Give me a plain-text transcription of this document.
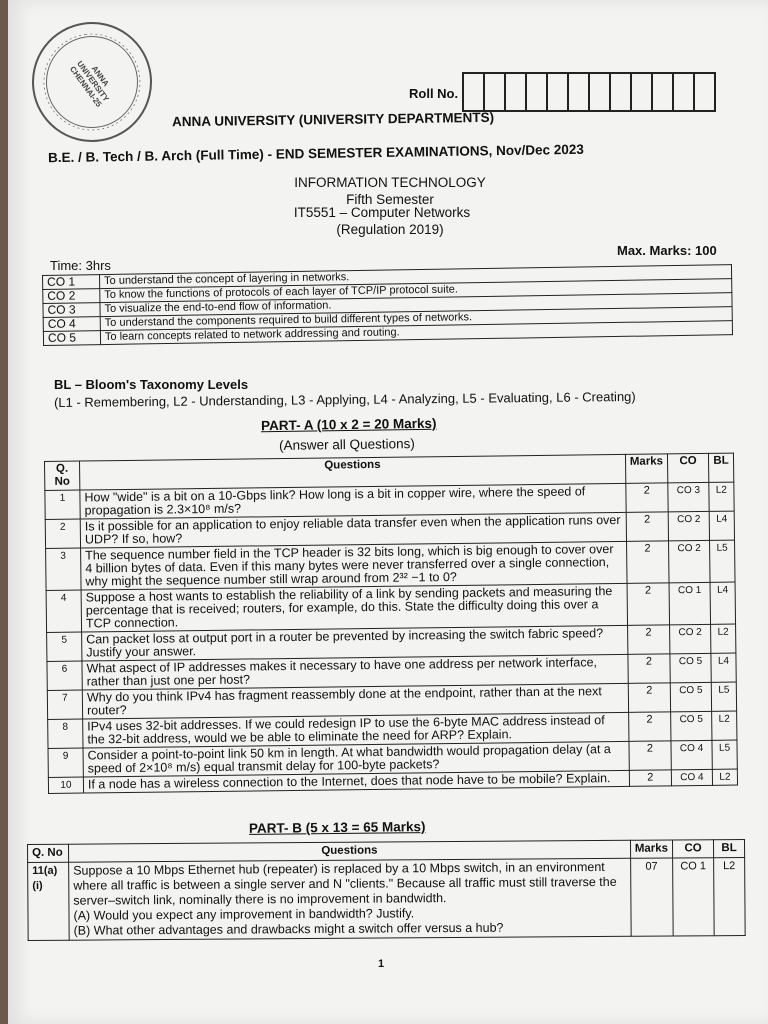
ANNA UNIVERSITY CHENNAI-25	Roll No.
ANNA UNIVERSITY (UNIVERSITY DEPARTMENTS)
B.E. / B. Tech / B. Arch (Full Time) - END SEMESTER EXAMINATIONS, Nov/Dec 2023
INFORMATION TECHNOLOGY
Fifth Semester
IT5551 – Computer Networks
(Regulation 2019)
Time: 3hrs
Max. Marks: 100
CO 1	To understand the concept of layering in networks.
CO 2	To know the functions of protocols of each layer of TCP/IP protocol suite.
CO 3	To visualize the end-to-end flow of information.
CO 4	To understand the components required to build different types of networks.
CO 5	To learn concepts related to network addressing and routing.
BL – Bloom's Taxonomy Levels
(L1 - Remembering, L2 - Understanding, L3 - Applying, L4 - Analyzing, L5 - Evaluating, L6 - Creating)
PART- A (10 x 2 = 20 Marks)
(Answer all Questions)
Q. No	Questions	Marks	CO	BL
1	How "wide" is a bit on a 10-Gbps link? How long is a bit in copper wire, where the speed of propagation is 2.3×10⁸ m/s?	2	CO 3	L2
2	Is it possible for an application to enjoy reliable data transfer even when the application runs over UDP? If so, how?	2	CO 2	L4
3	The sequence number field in the TCP header is 32 bits long, which is big enough to cover over 4 billion bytes of data. Even if this many bytes were never transferred over a single connection, why might the sequence number still wrap around from 2³² −1 to 0?	2	CO 2	L5
4	Suppose a host wants to establish the reliability of a link by sending packets and measuring the percentage that is received; routers, for example, do this. State the difficulty doing this over a TCP connection.	2	CO 1	L4
5	Can packet loss at output port in a router be prevented by increasing the switch fabric speed? Justify your answer.	2	CO 2	L2
6	What aspect of IP addresses makes it necessary to have one address per network interface, rather than just one per host?	2	CO 5	L4
7	Why do you think IPv4 has fragment reassembly done at the endpoint, rather than at the next router?	2	CO 5	L5
8	IPv4 uses 32-bit addresses. If we could redesign IP to use the 6-byte MAC address instead of the 32-bit address, would we be able to eliminate the need for ARP? Explain.	2	CO 5	L2
9	Consider a point-to-point link 50 km in length. At what bandwidth would propagation delay (at a speed of 2×10⁸ m/s) equal transmit delay for 100-byte packets?	2	CO 4	L5
10	If a node has a wireless connection to the Internet, does that node have to be mobile? Explain.	2	CO 4	L2
PART- B (5 x 13 = 65 Marks)
Q. No	Questions	Marks	CO	BL
11(a) (i)	Suppose a 10 Mbps Ethernet hub (repeater) is replaced by a 10 Mbps switch, in an environment where all traffic is between a single server and N "clients." Because all traffic must still traverse the server–switch link, nominally there is no improvement in bandwidth.
(A) Would you expect any improvement in bandwidth? Justify.
(B) What other advantages and drawbacks might a switch offer versus a hub?	07	CO 1	L2
1
